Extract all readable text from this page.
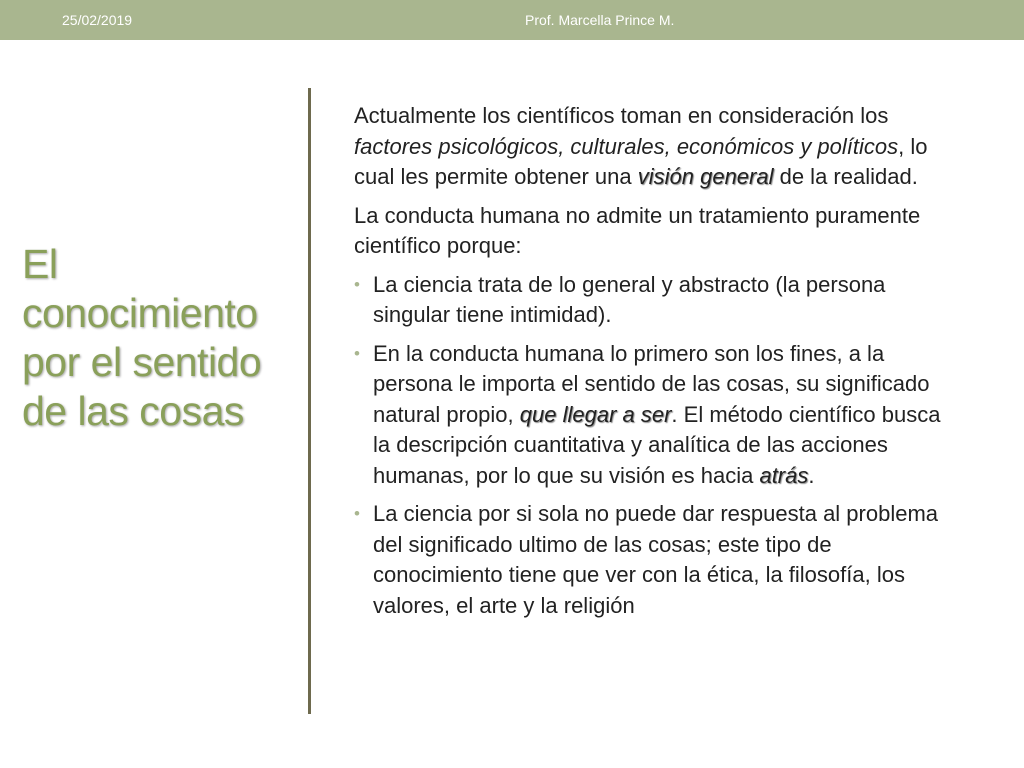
25/02/2019	Prof. Marcella Prince M.
El conocimiento por el sentido de las cosas

Actualmente los científicos toman en consideración los factores psicológicos, culturales, económicos y políticos, lo cual les permite obtener una visión general de la realidad.

La conducta humana no admite un tratamiento puramente científico porque:

• La ciencia trata de lo general y abstracto (la persona singular tiene intimidad).
• En la conducta humana lo primero son los fines, a la persona le importa el sentido de las cosas, su significado natural propio, que llegar a ser. El método científico busca la descripción cuantitativa y analítica de las acciones humanas, por lo que su visión es hacia atrás.
• La ciencia por si sola no puede dar respuesta al problema del significado ultimo de las cosas; este tipo de conocimiento tiene que ver con la ética, la filosofía, los valores, el arte y la religión
